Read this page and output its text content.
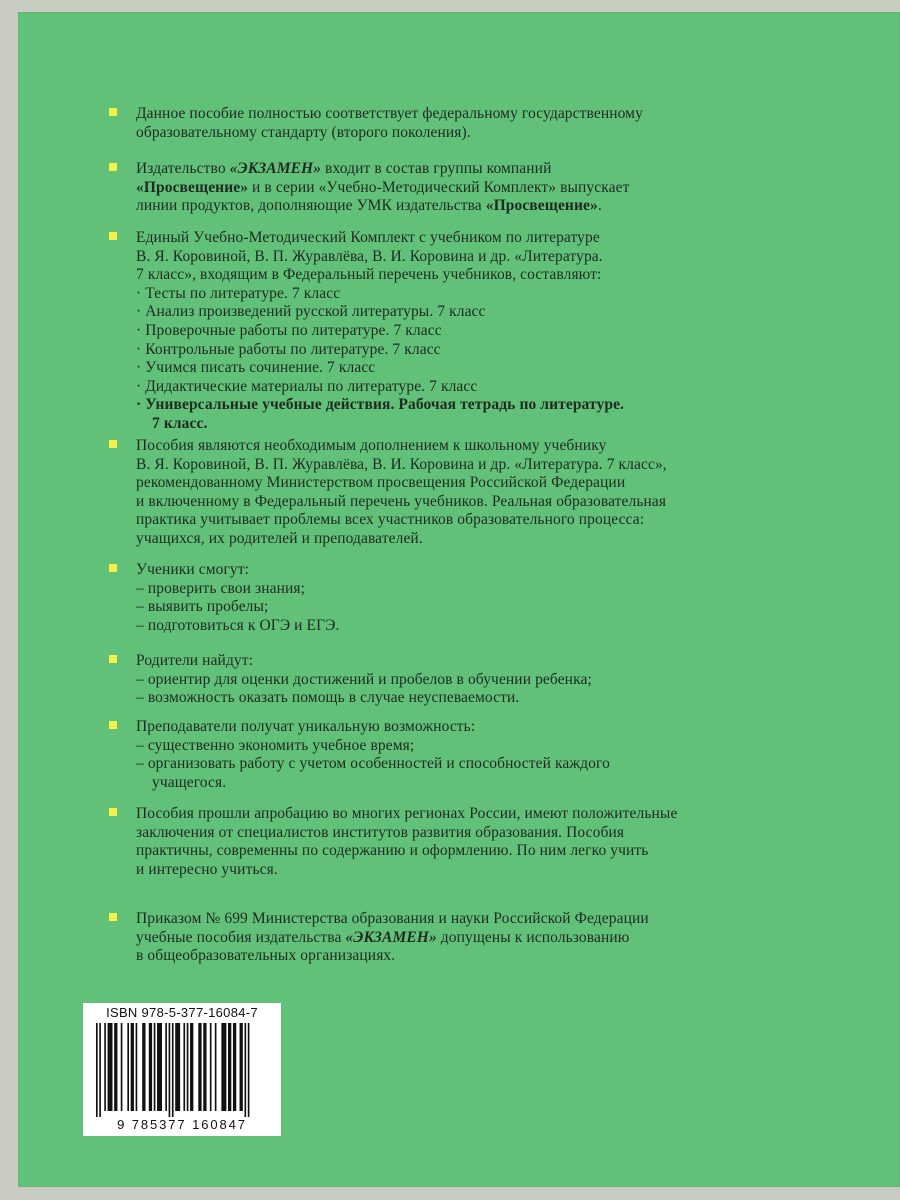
Данное пособие полностью соответствует федеральному государственному
образовательному стандарту (второго поколения).
Издательство «ЭКЗАМЕН» входит в состав группы компаний
«Просвещение» и в серии «Учебно-Методический Комплект» выпускает
линии продуктов, дополняющие УМК издательства «Просвещение».
Единый Учебно-Методический Комплект с учебником по литературе
В. Я. Коровиной, В. П. Журавлёва, В. И. Коровина и др. «Литература.
7 класс», входящим в Федеральный перечень учебников, составляют:
· Тесты по литературе. 7 класс
· Анализ произведений русской литературы. 7 класс
· Проверочные работы по литературе. 7 класс
· Контрольные работы по литературе. 7 класс
· Учимся писать сочинение. 7 класс
· Дидактические материалы по литературе. 7 класс
· Универсальные учебные действия. Рабочая тетрадь по литературе.
7 класс.
Пособия являются необходимым дополнением к школьному учебнику
В. Я. Коровиной, В. П. Журавлёва, В. И. Коровина и др. «Литература. 7 класс»,
рекомендованному Министерством просвещения Российской Федерации
и включенному в Федеральный перечень учебников. Реальная образовательная
практика учитывает проблемы всех участников образовательного процесса:
учащихся, их родителей и преподавателей.
Ученики смогут:
– проверить свои знания;
– выявить пробелы;
– подготовиться к ОГЭ и ЕГЭ.
Родители найдут:
– ориентир для оценки достижений и пробелов в обучении ребенка;
– возможность оказать помощь в случае неуспеваемости.
Преподаватели получат уникальную возможность:
– существенно экономить учебное время;
– организовать работу с учетом особенностей и способностей каждого
учащегося.
Пособия прошли апробацию во многих регионах России, имеют положительные
заключения от специалистов институтов развития образования. Пособия
практичны, современны по содержанию и оформлению. По ним легко учить
и интересно учиться.
Приказом № 699 Министерства образования и науки Российской Федерации
учебные пособия издательства «ЭКЗАМЕН» допущены к использованию
в общеобразовательных организациях.
ISBN 978-5-377-16084-7
9 785377 160847
